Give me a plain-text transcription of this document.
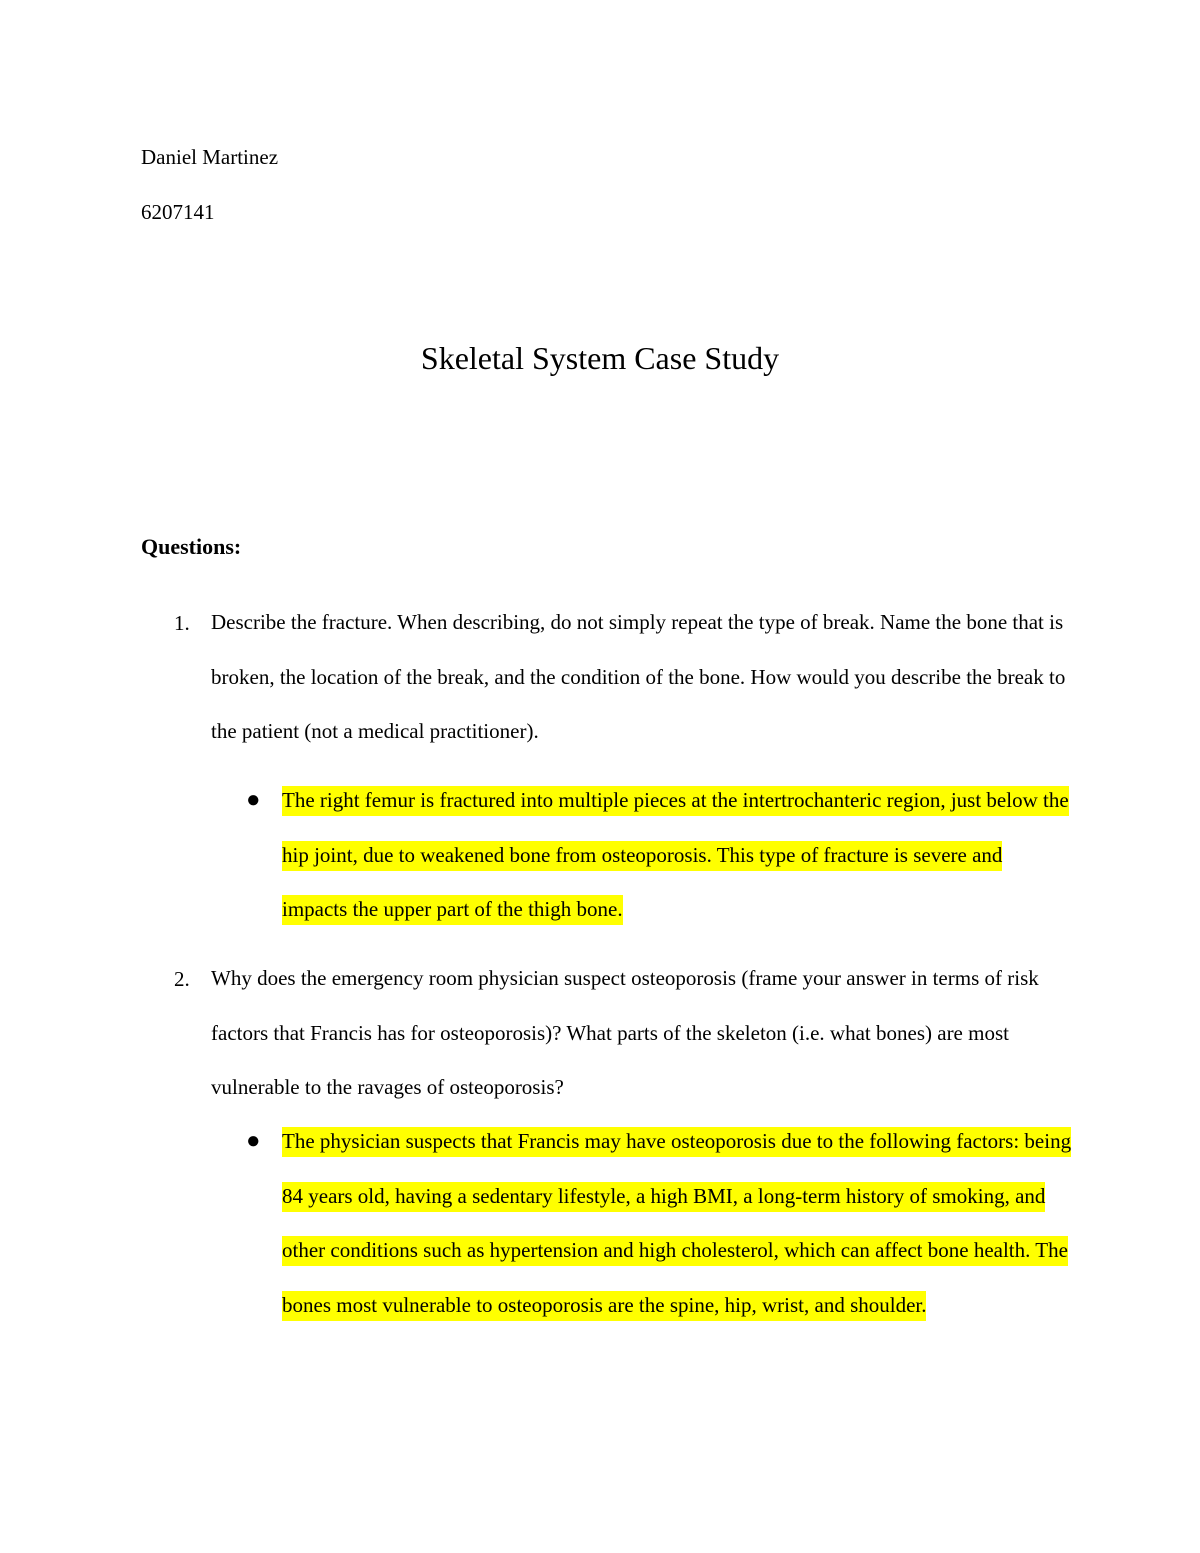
Daniel Martinez
6207141
Skeletal System Case Study
Questions:
1. Describe the fracture. When describing, do not simply repeat the type of break. Name the bone that is broken, the location of the break, and the condition of the bone. How would you describe the break to the patient (not a medical practitioner).
● The right femur is fractured into multiple pieces at the intertrochanteric region, just below the hip joint, due to weakened bone from osteoporosis. This type of fracture is severe and impacts the upper part of the thigh bone.
2. Why does the emergency room physician suspect osteoporosis (frame your answer in terms of risk factors that Francis has for osteoporosis)? What parts of the skeleton (i.e. what bones) are most vulnerable to the ravages of osteoporosis?
● The physician suspects that Francis may have osteoporosis due to the following factors: being 84 years old, having a sedentary lifestyle, a high BMI, a long-term history of smoking, and other conditions such as hypertension and high cholesterol, which can affect bone health. The bones most vulnerable to osteoporosis are the spine, hip, wrist, and shoulder.
